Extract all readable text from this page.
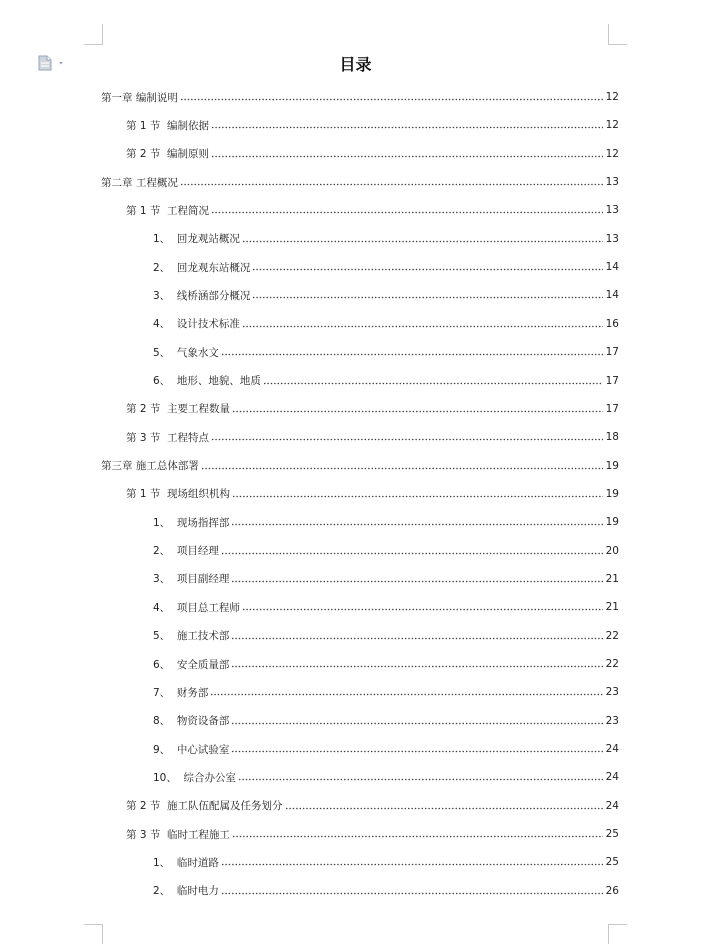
目录
第一章 编制说明	12
第 1 节  编制依据	12
第 2 节  编制原则	12
第二章 工程概况	13
第 1 节  工程简况	13
1、  回龙观站概况	13
2、  回龙观东站概况	14
3、  线桥涵部分概况	14
4、  设计技术标准	16
5、  气象水文	17
6、  地形、地貌、地质	17
第 2 节  主要工程数量	17
第 3 节  工程特点	18
第三章 施工总体部署	19
第 1 节  现场组织机构	19
1、  现场指挥部	19
2、  项目经理	20
3、  项目副经理	21
4、  项目总工程师	21
5、  施工技术部	22
6、  安全质量部	22
7、  财务部	23
8、  物资设备部	23
9、  中心试验室	24
10、  综合办公室	24
第 2 节  施工队伍配属及任务划分	24
第 3 节  临时工程施工	25
1、  临时道路	25
2、  临时电力	26
